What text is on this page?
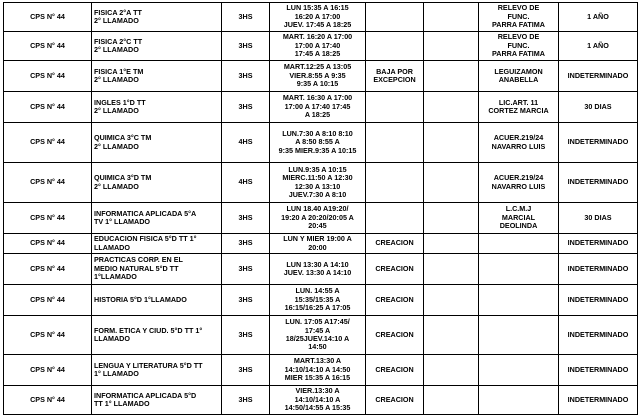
CPS N° 44	FISICA 2°A TT
2° LLAMADO	3HS	LUN 15:35 A 16:15
16:20 A 17:00
JUEV. 17:45 A 18:25			RELEVO DE
FUNC.
PARRA FATIMA	1 AÑO
CPS N° 44	FISICA 2°C TT
2° LLAMADO	3HS	MART. 16:20 A 17:00
17:00 A 17:40
17:45 A 18:25			RELEVO DE
FUNC.
PARRA FATIMA	1 AÑO
CPS N° 44	FISICA 1°E TM
2° LLAMADO	3HS	MART.12:25 A 13:05
VIER.8:55 A 9:35
9:35 A 10:15	BAJA POR
EXCEPCION		LEGUIZAMON
ANABELLA	INDETERMINADO
CPS N° 44	INGLES 1°D TT
2° LLAMADO	3HS	MART. 16:30 A 17:00
17:00 A 17:40 17:45
A 18:25			LIC.ART. 11
CORTEZ MARCIA	30 DIAS
CPS N° 44	QUIMICA 3°C TM
2° LLAMADO	4HS	LUN.7:30 A 8:10 8:10
A 8:50 8:55 A
9:35 MIER.9:35 A 10:15			ACUER.219/24
NAVARRO LUIS	INDETERMINADO
CPS N° 44	QUIMICA 3°D TM
2° LLAMADO	4HS	LUN.9:35 A 10:15
MIERC.11:50 A 12:30
12:30 A 13:10
JUEV.7:30 A 8:10			ACUER.219/24
NAVARRO LUIS	INDETERMINADO
CPS N° 44	INFORMATICA APLICADA 5°A
TV 1° LLAMADO	3HS	LUN 18.40 A19:20/
19:20 A 20:20/20:05 A
20:45			L.C.M.J
MARCIAL
DEOLINDA	30 DIAS
CPS N° 44	EDUCACION FISICA 5°D TT 1°
LLAMADO	3HS	LUN Y MIER 19:00 A
20:00	CREACION			INDETERMINADO
CPS N° 44	PRACTICAS CORP. EN EL
MEDIO NATURAL 5°D TT
1°LLAMADO	3HS	LUN 13:30 A 14:10
JUEV. 13:30 A 14:10	CREACION			INDETERMINADO
CPS N° 44	HISTORIA 5°D 1°LLAMADO	3HS	LUN. 14:55 A
15:35/15:35 A
16:15/16:25 A 17:05	CREACION			INDETERMINADO
CPS N° 44	FORM. ETICA Y CIUD. 5°D TT 1°
LLAMADO	3HS	LUN. 17:05 A17:45/
17:45 A
18/25JUEV.14:10 A
14:50	CREACION			INDETERMINADO
CPS N° 44	LENGUA Y LITERATURA 5°D TT
1° LLAMADO	3HS	MART.13:30 A
14:10/14:10 A 14:50
MIER 15:35 A 16:15	CREACION			INDETERMINADO
CPS N° 44	INFORMATICA APLICADA 5°D
TT 1° LLAMADO	3HS	VIER.13:30 A
14:10/14:10 A
14:50/14:55 A 15:35	CREACION			INDETERMINADO
